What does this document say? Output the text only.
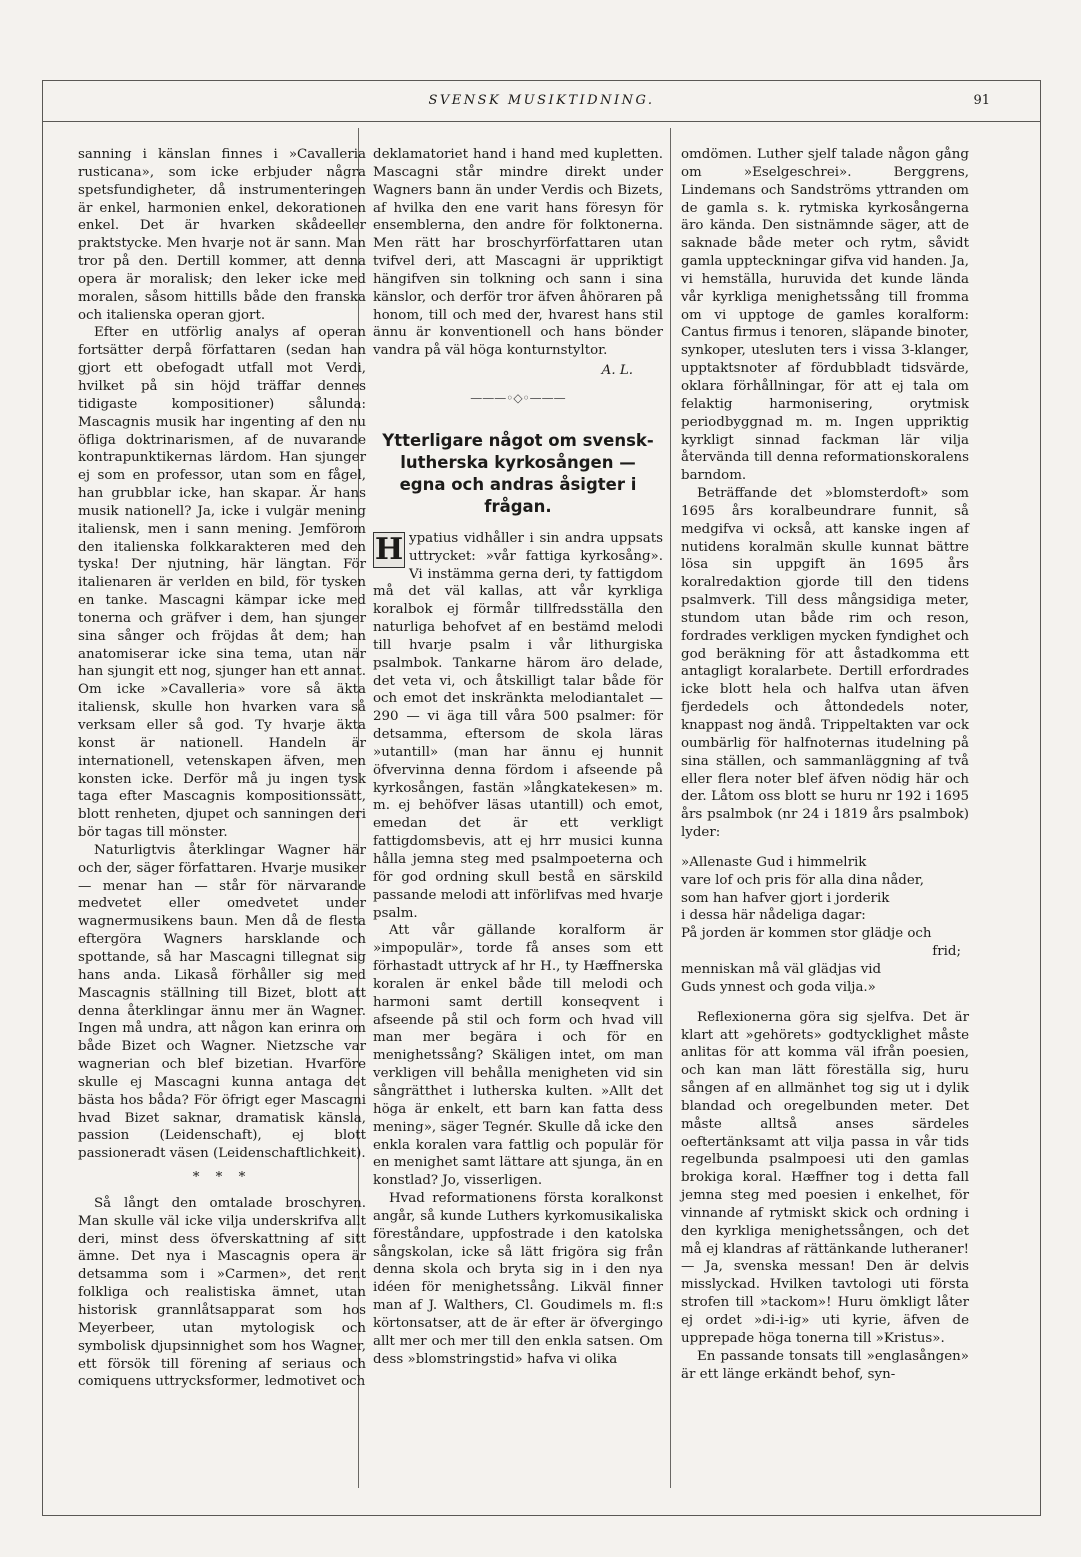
SVENSK MUSIKTIDNING.	91

sanning i känslan finnes i »Cavalleria rusticana», som icke erbjuder några spetsfundigheter, då instrumenteringen är enkel, harmonien enkel, dekorationen enkel. Det är hvarken skådeeller praktstycke. Men hvarje not är sann. Man tror på den. Dertill kommer, att denna opera är moralisk; den leker icke med moralen, såsom hittills både den franska och italienska operan gjort.

Efter en utförlig analys af operan fortsätter derpå författaren (sedan han gjort ett obefogadt utfall mot Verdi, hvilket på sin höjd träffar dennes tidigaste kompositioner) sålunda: Mascagnis musik har ingenting af den nu öfliga doktrinarismen, af de nuvarande kontrapunktikernas lärdom. Han sjunger ej som en professor, utan som en fågel, han grubblar icke, han skapar. Är hans musik nationell? Ja, icke i vulgär mening italiensk, men i sann mening. Jemförom den italienska folkkarakteren med den tyska! Der njutning, här längtan. För italienaren är verlden en bild, för tysken en tanke. Mascagni kämpar icke med tonerna och gräfver i dem, han sjunger sina sånger och fröjdas åt dem; han anatomiserar icke sina tema, utan när han sjungit ett nog, sjunger han ett annat. Om icke »Cavalleria» vore så äkta italiensk, skulle hon hvarken vara så verksam eller så god. Ty hvarje äkta konst är nationell. Handeln är internationell, vetenskapen äfven, men konsten icke. Derför må ju ingen tysk taga efter Mascagnis kompositionssätt, blott renheten, djupet och sanningen deri bör tagas till mönster.

Naturligtvis återklingar Wagner här och der, säger författaren. Hvarje musiker — menar han — står för närvarande medvetet eller omedvetet under wagnermusikens baun. Men då de flesta eftergöra Wagners harsklande och spottande, så har Mascagni tillegnat sig hans anda. Likaså förhåller sig med Mascagnis ställning till Bizet, blott att denna återklingar ännu mer än Wagner. Ingen må undra, att någon kan erinra om både Bizet och Wagner. Nietzsche var wagnerian och blef bizetian. Hvarföre skulle ej Mascagni kunna antaga det bästa hos båda? För öfrigt eger Mascagni hvad Bizet saknar, dramatisk känsla, passion (Leidenschaft), ej blott passioneradt väsen (Leidenschaftlichkeit).

* * *

Så långt den omtalade broschyren. Man skulle väl icke vilja underskrifva allt deri, minst dess öfverskattning af sitt ämne. Det nya i Mascagnis opera är detsamma som i »Carmen», det rent folkliga och realistiska ämnet, utan historisk grannlåtsapparat som hos Meyerbeer, utan mytologisk och symbolisk djupsinnighet som hos Wagner, ett försök till förening af seriaus och comiquens uttrycksformer, ledmotivet och

deklamatoriet hand i hand med kupletten. Mascagni står mindre direkt under Wagners bann än under Verdis och Bizets, af hvilka den ene varit hans föresyn för ensemblerna, den andre för folktonerna. Men rätt har broschyrförfattaren utan tvifvel deri, att Mascagni är uppriktigt hängifven sin tolkning och sann i sina känslor, och derför tror äfven åhöraren på honom, till och med der, hvarest hans stil ännu är konventionell och hans bönder vandra på väl höga konturnstyltor.

A. L.
———◦◇◦———
Ytterligare något om svensk-lutherska kyrkosången — egna och andras åsigter i frågan.

H ypatius vidhåller i sin andra uppsats uttrycket: »vår fattiga kyrkosång». Vi instämma gerna deri, ty fattigdom må det väl kallas, att vår kyrkliga koralbok ej förmår tillfredsställa den naturliga behofvet af en bestämd melodi till hvarje psalm i vår lithurgiska psalmbok. Tankarne härom äro delade, det veta vi, och åtskilligt talar både för och emot det inskränkta melodiantalet — 290 — vi äga till våra 500 psalmer: för detsamma, eftersom de skola läras »utantill» (man har ännu ej hunnit öfvervinna denna fördom i afseende på kyrkosången, fastän »långkatekesen» m. m. ej behöfver läsas utantill) och emot, emedan det är ett verkligt fattigdomsbevis, att ej hrr musici kunna hålla jemna steg med psalmpoeterna och för god ordning skull bestå en särskild passande melodi att införlifvas med hvarje psalm.

Att vår gällande koralform är »impopulär», torde få anses som ett förhastadt uttryck af hr H., ty Hæffnerska koralen är enkel både till melodi och harmoni samt dertill konseqvent i afseende på stil och form och hvad vill man mer begära i och för en menighetssång? Skäligen intet, om man verkligen vill behålla menigheten vid sin sångrätthet i lutherska kulten. »Allt det höga är enkelt, ett barn kan fatta dess mening», säger Tegnér. Skulle då icke den enkla koralen vara fattlig och populär för en menighet samt lättare att sjunga, än en konstlad? Jo, visserligen.

Hvad reformationens första koralkonst angår, så kunde Luthers kyrkomusikaliska föreståndare, uppfostrade i den katolska sångskolan, icke så lätt frigöra sig från denna skola och bryta sig in i den nya idéen för menighetssång. Likväl finner man af J. Walthers, Cl. Goudimels m. fl:s körtonsatser, att de är efter är öfvergingo allt mer och mer till den enkla satsen. Om dess »blomstringstid» hafva vi olika

omdömen. Luther sjelf talade någon gång om »Eselgeschrei». Berggrens, Lindemans och Sandströms yttranden om de gamla s. k. rytmiska kyrkosångerna äro kända. Den sistnämnde säger, att de saknade både meter och rytm, såvidt gamla uppteckningar gifva vid handen. Ja, vi hemställa, huruvida det kunde lända vår kyrkliga menighetssång till fromma om vi upptoge de gamles koralform: Cantus firmus i tenoren, släpande binoter, synkoper, utesluten ters i vissa 3-klanger, upptaktsnoter af fördubbladt tidsvärde, oklara förhållningar, för att ej tala om felaktig harmonisering, orytmisk periodbyggnad m. m. Ingen uppriktig kyrkligt sinnad fackman lär vilja återvända till denna reformationskoralens barndom.

Beträffande det »blomsterdoft» som 1695 års koralbeundrare funnit, så medgifva vi också, att kanske ingen af nutidens koralmän skulle kunnat bättre lösa sin uppgift än 1695 års koralredaktion gjorde till den tidens psalmverk. Till dess mångsidiga meter, stundom utan både rim och reson, fordrades verkligen mycken fyndighet och god beräkning för att åstadkomma ett antagligt koralarbete. Dertill erfordrades icke blott hela och halfva utan äfven fjerdedels och åttondedels noter, knappast nog ändå. Trippeltakten var ock oumbärlig för halfnoternas itudelning på sina ställen, och sammanläggning af två eller flera noter blef äfven nödig här och der. Låtom oss blott se huru nr 192 i 1695 års psalmbok (nr 24 i 1819 års psalmbok) lyder:

»Allenaste Gud i himmelrik

vare lof och pris för alla dina nåder,

som han hafver gjort i jorderik

i dessa här nådeliga dagar:

På jorden är kommen stor glädje och

frid;

menniskan må väl glädjas vid

Guds ynnest och goda vilja.»

Reflexionerna göra sig sjelfva. Det är klart att »gehörets» godtycklighet måste anlitas för att komma väl ifrån poesien, och kan man lätt föreställa sig, huru sången af en allmänhet tog sig ut i dylik blandad och oregelbunden meter. Det måste alltså anses särdeles oeftertänksamt att vilja passa in vår tids regelbunda psalmpoesi uti den gamlas brokiga koral. Hæffner tog i detta fall jemna steg med poesien i enkelhet, för vinnande af rytmiskt skick och ordning i den kyrkliga menighetssången, och det må ej klandras af rättänkande lutheraner! — Ja, svenska messan! Den är delvis misslyckad. Hvilken tavtologi uti första strofen till »tackom»! Huru ömkligt låter ej ordet »di-i-ig» uti kyrie, äfven de upprepade höga tonerna till »Kristus».

En passande tonsats till »englasången» är ett länge erkändt behof, syn-
